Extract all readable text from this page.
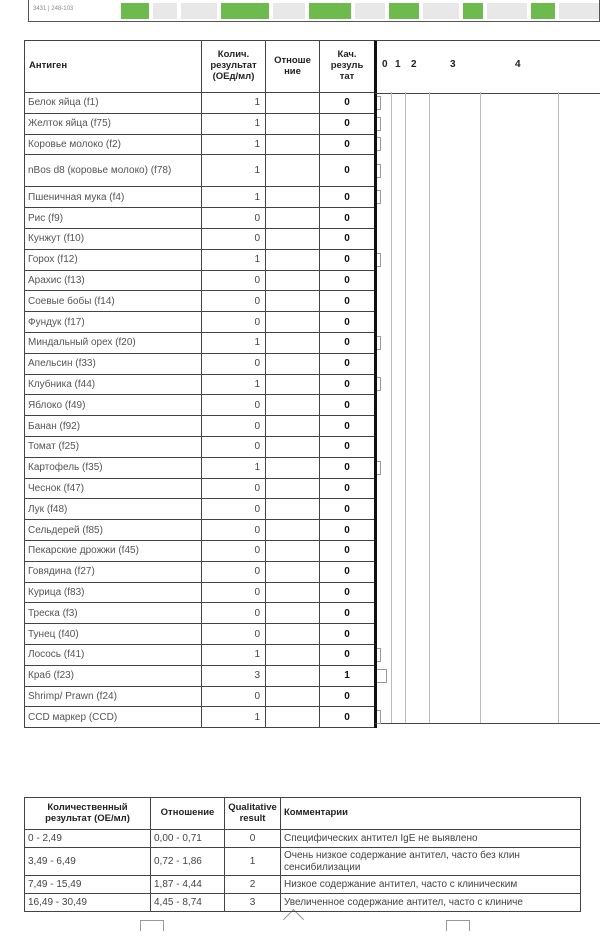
3431 | 248-103
Антиген	Колич. результат (ОЕд/мл)	Отноше ние	Кач. резуль тат
Белок яйца (f1)	1		0
Желток яйца (f75)	1		0
Коровье молоко (f2)	1		0
nBos d8 (коровье молоко) (f78)	1		0
Пшеничная мука (f4)	1		0
Рис (f9)	0		0
Кунжут (f10)	0		0
Горох (f12)	1		0
Арахис (f13)	0		0
Соевые бобы (f14)	0		0
Фундук (f17)	0		0
Миндальный орех (f20)	1		0
Апельсин (f33)	0		0
Клубника (f44)	1		0
Яблоко (f49)	0		0
Банан (f92)	0		0
Томат (f25)	0		0
Картофель (f35)	1		0
Чеснок (f47)	0		0
Лук (f48)	0		0
Сельдерей (f85)	0		0
Пекарские дрожжи (f45)	0		0
Говядина (f27)	0		0
Курица (f83)	0		0
Треска (f3)	0		0
Тунец (f40)	0		0
Лосось (f41)	1		0
Краб (f23)	3		1
Shrimp/ Prawn (f24)	0		0
CCD маркер (CCD)	1		0
0 1 2	3	4
Количественный результат (ОЕ/мл)	Отношение	Qualitative result	Комментарии
0 - 2,49	0,00 - 0,71	0	Специфических антител IgE не выявлено
3,49 - 6,49	0,72 - 1,86	1	Очень низкое содержание антител, часто без клин сенсибилизации
7,49 - 15,49	1,87 - 4,44	2	Низкое содержание антител, часто с клиническим
16,49 - 30,49	4,45 - 8,74	3	Увеличенное содержание антител, часто с клиниче
